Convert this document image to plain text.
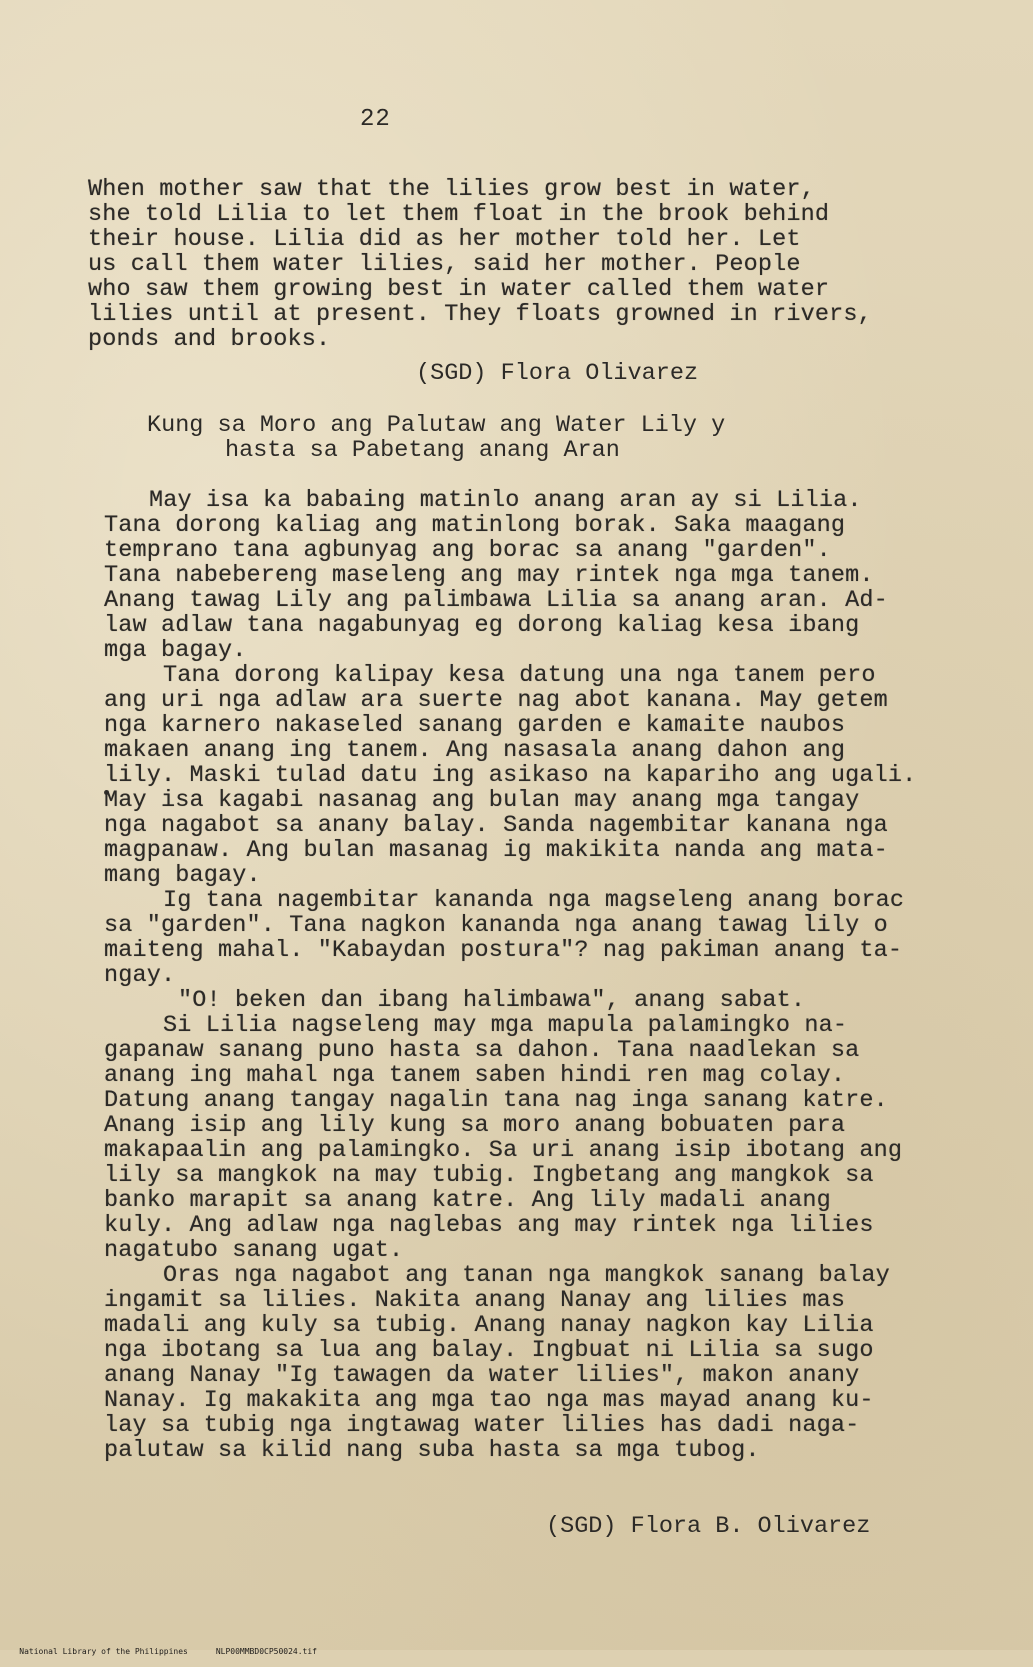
22
When mother saw that the lilies grow best in water,
she told Lilia to let them float in the brook behind
their house. Lilia did as her mother told her. Let
us call them water lilies, said her mother. People
who saw them growing best in water called them water
lilies until at present. They floats growned in rivers,
ponds and brooks.
(SGD) Flora Olivarez
Kung sa Moro ang Palutaw ang Water Lily y
hasta sa Pabetang anang Aran
May isa ka babaing matinlo anang aran ay si Lilia.
Tana dorong kaliag ang matinlong borak. Saka maagang
temprano tana agbunyag ang borac sa anang "garden".
Tana nabebereng maseleng ang may rintek nga mga tanem.
Anang tawag Lily ang palimbawa Lilia sa anang aran. Ad-
law adlaw tana nagabunyag eg dorong kaliag kesa ibang
mga bagay.
Tana dorong kalipay kesa datung una nga tanem pero
ang uri nga adlaw ara suerte nag abot kanana. May getem
nga karnero nakaseled sanang garden e kamaite naubos
makaen anang ing tanem. Ang nasasala anang dahon ang
lily. Maski tulad datu ing asikaso na kapariho ang ugali.
May isa kagabi nasanag ang bulan may anang mga tangay
nga nagabot sa anany balay. Sanda nagembitar kanana nga
magpanaw. Ang bulan masanag ig makikita nanda ang mata-
mang bagay.
Ig tana nagembitar kananda nga magseleng anang borac
sa "garden". Tana nagkon kananda nga anang tawag lily o
maiteng mahal. "Kabaydan postura"? nag pakiman anang ta-
ngay.
"O! beken dan ibang halimbawa", anang sabat.
Si Lilia nagseleng may mga mapula palamingko na-
gapanaw sanang puno hasta sa dahon. Tana naadlekan sa
anang ing mahal nga tanem saben hindi ren mag colay.
Datung anang tangay nagalin tana nag inga sanang katre.
Anang isip ang lily kung sa moro anang bobuaten para
makapaalin ang palamingko. Sa uri anang isip ibotang ang
lily sa mangkok na may tubig. Ingbetang ang mangkok sa
banko marapit sa anang katre. Ang lily madali anang
kuly. Ang adlaw nga naglebas ang may rintek nga lilies
nagatubo sanang ugat.
Oras nga nagabot ang tanan nga mangkok sanang balay
ingamit sa lilies. Nakita anang Nanay ang lilies mas
madali ang kuly sa tubig. Anang nanay nagkon kay Lilia
nga ibotang sa lua ang balay. Ingbuat ni Lilia sa sugo
anang Nanay "Ig tawagen da water lilies", makon anany
Nanay. Ig makakita ang mga tao nga mas mayad anang ku-
lay sa tubig nga ingtawag water lilies has dadi naga-
palutaw sa kilid nang suba hasta sa mga tubog.
(SGD) Flora B. Olivarez

National Library of the Philippines	NLP00MMBD0CP50024.tif
